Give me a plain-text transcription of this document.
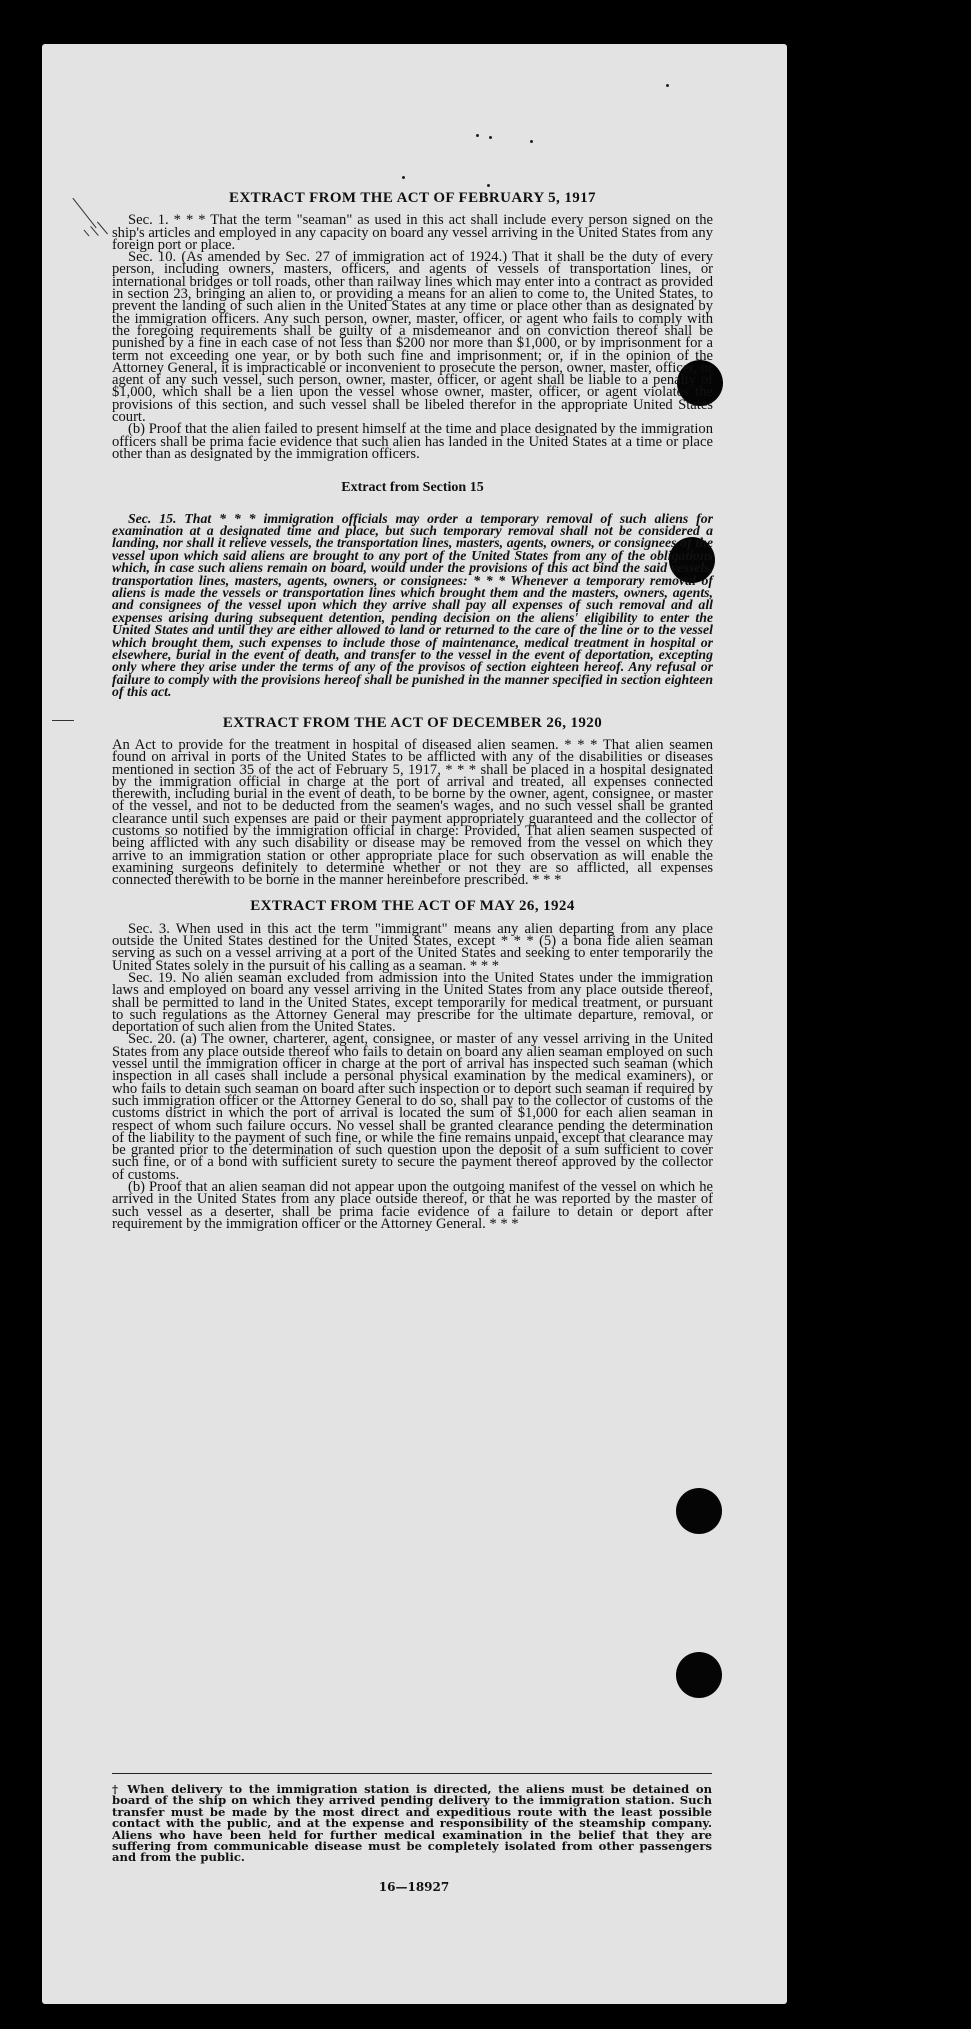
EXTRACT FROM THE ACT OF FEBRUARY 5, 1917

Sec. 1. * * * That the term "seaman" as used in this act shall include every person signed on the ship's articles and employed in any capacity on board any vessel arriving in the United States from any foreign port or place.

Sec. 10. (As amended by Sec. 27 of immigration act of 1924.) That it shall be the duty of every person, including owners, masters, officers, and agents of vessels of transportation lines, or international bridges or toll roads, other than railway lines which may enter into a contract as provided in section 23, bringing an alien to, or providing a means for an alien to come to, the United States, to prevent the landing of such alien in the United States at any time or place other than as designated by the immigration officers. Any such person, owner, master, officer, or agent who fails to comply with the foregoing requirements shall be guilty of a misdemeanor and on conviction thereof shall be punished by a fine in each case of not less than $200 nor more than $1,000, or by imprisonment for a term not exceeding one year, or by both such fine and imprisonment; or, if in the opinion of the Attorney General, it is impracticable or inconvenient to prosecute the person, owner, master, officer, or agent of any such vessel, such person, owner, master, officer, or agent shall be liable to a penalty of $1,000, which shall be a lien upon the vessel whose owner, master, officer, or agent violates the provisions of this section, and such vessel shall be libeled therefor in the appropriate United States court.

(b) Proof that the alien failed to present himself at the time and place designated by the immigration officers shall be prima facie evidence that such alien has landed in the United States at a time or place other than as designated by the immigration officers.

Extract from Section 15

Sec. 15. That * * * immigration officials may order a temporary removal of such aliens for examination at a designated time and place, but such temporary removal shall not be considered a landing, nor shall it relieve vessels, the transportation lines, masters, agents, owners, or consignees of the vessel upon which said aliens are brought to any port of the United States from any of the obligations which, in case such aliens remain on board, would under the provisions of this act bind the said vessels, transportation lines, masters, agents, owners, or consignees: * * * Whenever a temporary removal of aliens is made the vessels or transportation lines which brought them and the masters, owners, agents, and consignees of the vessel upon which they arrive shall pay all expenses of such removal and all expenses arising during subsequent detention, pending decision on the aliens' eligibility to enter the United States and until they are either allowed to land or returned to the care of the line or to the vessel which brought them, such expenses to include those of maintenance, medical treatment in hospital or elsewhere, burial in the event of death, and transfer to the vessel in the event of deportation, excepting only where they arise under the terms of any of the provisos of section eighteen hereof. Any refusal or failure to comply with the provisions hereof shall be punished in the manner specified in section eighteen of this act.

EXTRACT FROM THE ACT OF DECEMBER 26, 1920

An Act to provide for the treatment in hospital of diseased alien seamen. * * * That alien seamen found on arrival in ports of the United States to be afflicted with any of the disabilities or diseases mentioned in section 35 of the act of February 5, 1917, * * * shall be placed in a hospital designated by the immigration official in charge at the port of arrival and treated, all expenses connected therewith, including burial in the event of death, to be borne by the owner, agent, consignee, or master of the vessel, and not to be deducted from the seamen's wages, and no such vessel shall be granted clearance until such expenses are paid or their payment appropriately guaranteed and the collector of customs so notified by the immigration official in charge: Provided, That alien seamen suspected of being afflicted with any such disability or disease may be removed from the vessel on which they arrive to an immigration station or other appropriate place for such observation as will enable the examining surgeons definitely to determine whether or not they are so afflicted, all expenses connected therewith to be borne in the manner hereinbefore prescribed. * * *

EXTRACT FROM THE ACT OF MAY 26, 1924

Sec. 3. When used in this act the term "immigrant" means any alien departing from any place outside the United States destined for the United States, except * * * (5) a bona fide alien seaman serving as such on a vessel arriving at a port of the United States and seeking to enter temporarily the United States solely in the pursuit of his calling as a seaman. * * *

Sec. 19. No alien seaman excluded from admission into the United States under the immigration laws and employed on board any vessel arriving in the United States from any place outside thereof, shall be permitted to land in the United States, except temporarily for medical treatment, or pursuant to such regulations as the Attorney General may prescribe for the ultimate departure, removal, or deportation of such alien from the United States.

Sec. 20. (a) The owner, charterer, agent, consignee, or master of any vessel arriving in the United States from any place outside thereof who fails to detain on board any alien seaman employed on such vessel until the immigration officer in charge at the port of arrival has inspected such seaman (which inspection in all cases shall include a personal physical examination by the medical examiners), or who fails to detain such seaman on board after such inspection or to deport such seaman if required by such immigration officer or the Attorney General to do so, shall pay to the collector of customs of the customs district in which the port of arrival is located the sum of $1,000 for each alien seaman in respect of whom such failure occurs. No vessel shall be granted clearance pending the determination of the liability to the payment of such fine, or while the fine remains unpaid, except that clearance may be granted prior to the determination of such question upon the deposit of a sum sufficient to cover such fine, or of a bond with sufficient surety to secure the payment thereof approved by the collector of customs.

(b) Proof that an alien seaman did not appear upon the outgoing manifest of the vessel on which he arrived in the United States from any place outside thereof, or that he was reported by the master of such vessel as a deserter, shall be prima facie evidence of a failure to detain or deport after requirement by the immigration officer or the Attorney General. * * *

† When delivery to the immigration station is directed, the aliens must be detained on board of the ship on which they arrived pending delivery to the immigration station. Such transfer must be made by the most direct and expeditious route with the least possible contact with the public, and at the expense and responsibility of the steamship company. Aliens who have been held for further medical examination in the belief that they are suffering from communicable disease must be completely isolated from other passengers and from the public.
16—18927
